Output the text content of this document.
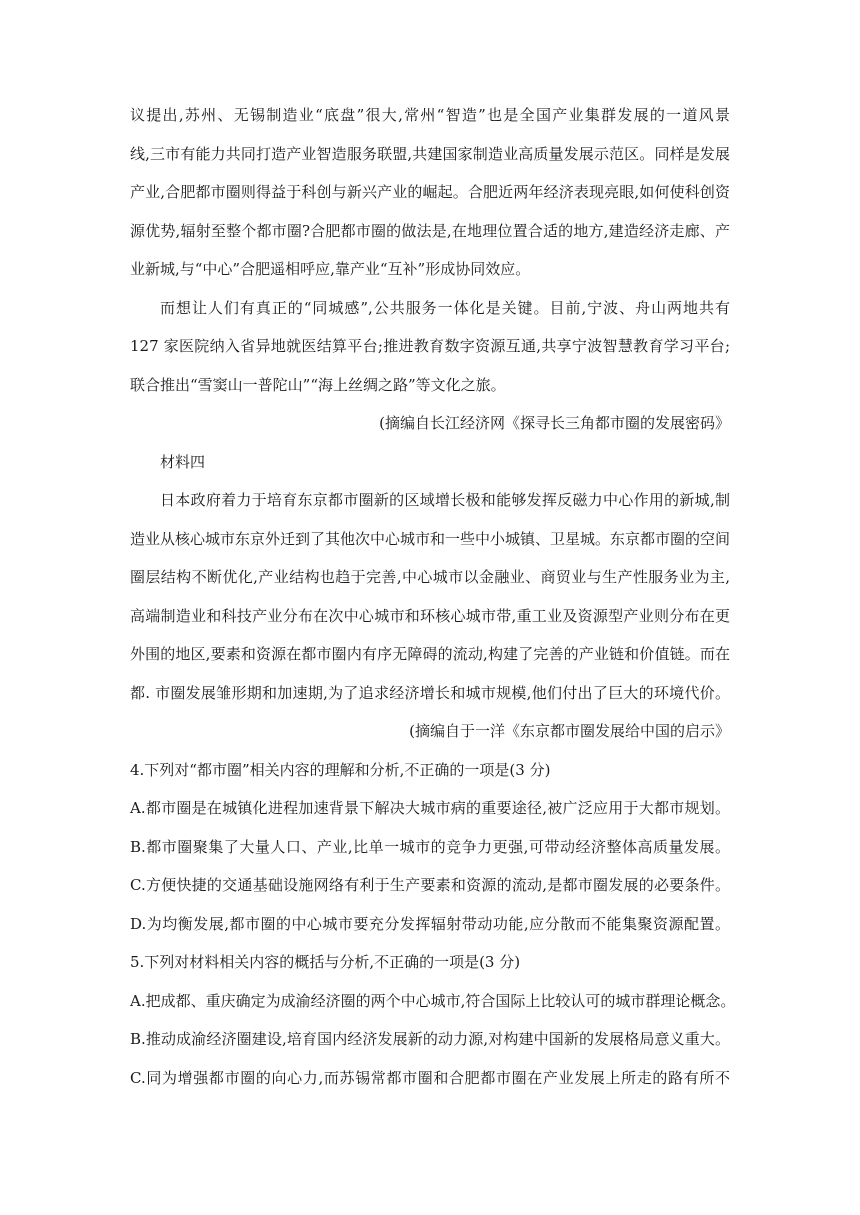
议提出,苏州、无锡制造业“底盘”很大,常州“智造”也是全国产业集群发展的一道风景
线,三市有能力共同打造产业智造服务联盟,共建国家制造业高质量发展示范区。同样是发展
产业,合肥都市圈则得益于科创与新兴产业的崛起。合肥近两年经济表现亮眼,如何使科创资
源优势,辐射至整个都市圈?合肥都市圈的做法是,在地理位置合适的地方,建造经济走廊、产
业新城,与“中心”合肥遥相呼应,靠产业“互补”形成协同效应。
而想让人们有真正的“同城感”,公共服务一体化是关键。目前,宁波、舟山两地共有
127 家医院纳入省异地就医结算平台;推进教育数字资源互通,共享宁波智慧教育学习平台;
联合推出“雪窦山一普陀山”“海上丝绸之路”等文化之旅。
(摘编自长江经济网《探寻长三角都市圈的发展密码》
材料四
日本政府着力于培育东京都市圈新的区域增长极和能够发挥反磁力中心作用的新城,制
造业从核心城市东京外迁到了其他次中心城市和一些中小城镇、卫星城。东京都市圈的空间
圈层结构不断优化,产业结构也趋于完善,中心城市以金融业、商贸业与生产性服务业为主,
高端制造业和科技产业分布在次中心城市和环核心城市带,重工业及资源型产业则分布在更
外围的地区,要素和资源在都市圈内有序无障碍的流动,构建了完善的产业链和价值链。而在
都. 市圈发展雏形期和加速期,为了追求经济增长和城市规模,他们付出了巨大的环境代价。
(摘编自于一洋《东京都市圈发展给中国的启示》
4.下列对“都市圈”相关内容的理解和分析,不正确的一项是(3 分)
A.都市圈是在城镇化进程加速背景下解决大城市病的重要途径,被广泛应用于大都市规划。
B.都市圈聚集了大量人口、产业,比单一城市的竞争力更强,可带动经济整体高质量发展。
C.方便快捷的交通基础设施网络有利于生产要素和资源的流动,是都市圈发展的必要条件。
D.为均衡发展,都市圈的中心城市要充分发挥辐射带动功能,应分散而不能集聚资源配置。
5.下列对材料相关内容的概括与分析,不正确的一项是(3 分)
A.把成都、重庆确定为成渝经济圈的两个中心城市,符合国际上比较认可的城市群理论概念。
B.推动成渝经济圈建设,培育国内经济发展新的动力源,对构建中国新的发展格局意义重大。
C.同为增强都市圈的向心力,而苏锡常都市圈和合肥都市圈在产业发展上所走的路有所不
